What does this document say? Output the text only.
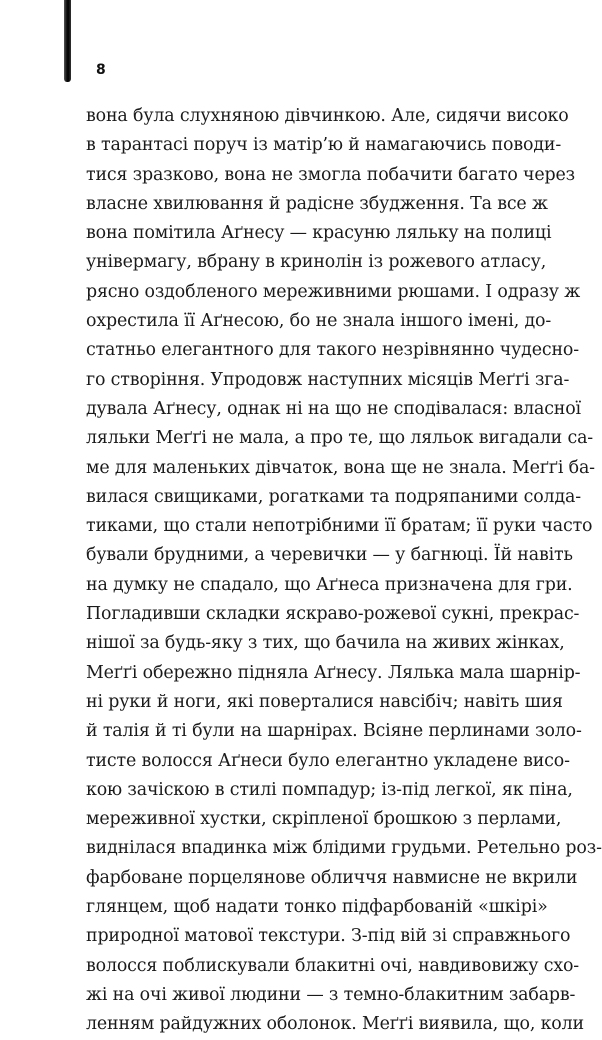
8
вона була слухняною дівчинкою. Але, сидячи високо
в тарантасі поруч із матір’ю й намагаючись поводи-
тися зразково, вона не змогла побачити багато через
власне хвилювання й радісне збудження. Та все ж
вона помітила Аґнесу — красуню ляльку на полиці
універмагу, вбрану в кринолін із рожевого атласу,
рясно оздобленого мереживними рюшами. І одразу ж
охрестила її Аґнесою, бо не знала іншого імені, до-
статньо елегантного для такого незрівнянно чудесно-
го створіння. Упродовж наступних місяців Меґґі зга-
дувала Аґнесу, однак ні на що не сподівалася: власної
ляльки Меґґі не мала, а про те, що ляльок вигадали са-
ме для маленьких дівчаток, вона ще не знала. Меґґі ба-
вилася свищиками, рогатками та подряпаними солда-
тиками, що стали непотрібними її братам; її руки часто
бували брудними, а черевички — у багнюці. Їй навіть
на думку не спадало, що Аґнеса призначена для гри.
Погладивши складки яскраво-рожевої сукні, прекрас-
нішої за будь-яку з тих, що бачила на живих жінках,
Меґґі обережно підняла Аґнесу. Лялька мала шарнір-
ні руки й ноги, які поверталися навсібіч; навіть шия
й талія й ті були на шарнірах. Всіяне перлинами золо-
тисте волосся Аґнеси було елегантно укладене висо-
кою зачіскою в стилі помпадур; із-під легкої, як піна,
мереживної хустки, скріпленої брошкою з перлами,
виднілася впадинка між блідими грудьми. Ретельно роз-
фарбоване порцелянове обличчя навмисне не вкрили
глянцем, щоб надати тонко підфарбованій «шкірі»
природної матової текстури. З-під вій зі справжнього
волосся поблискували блакитні очі, навдивовижу схо-
жі на очі живої людини — з темно-блакитним забарв-
ленням райдужних оболонок. Меґґі виявила, що, коли
